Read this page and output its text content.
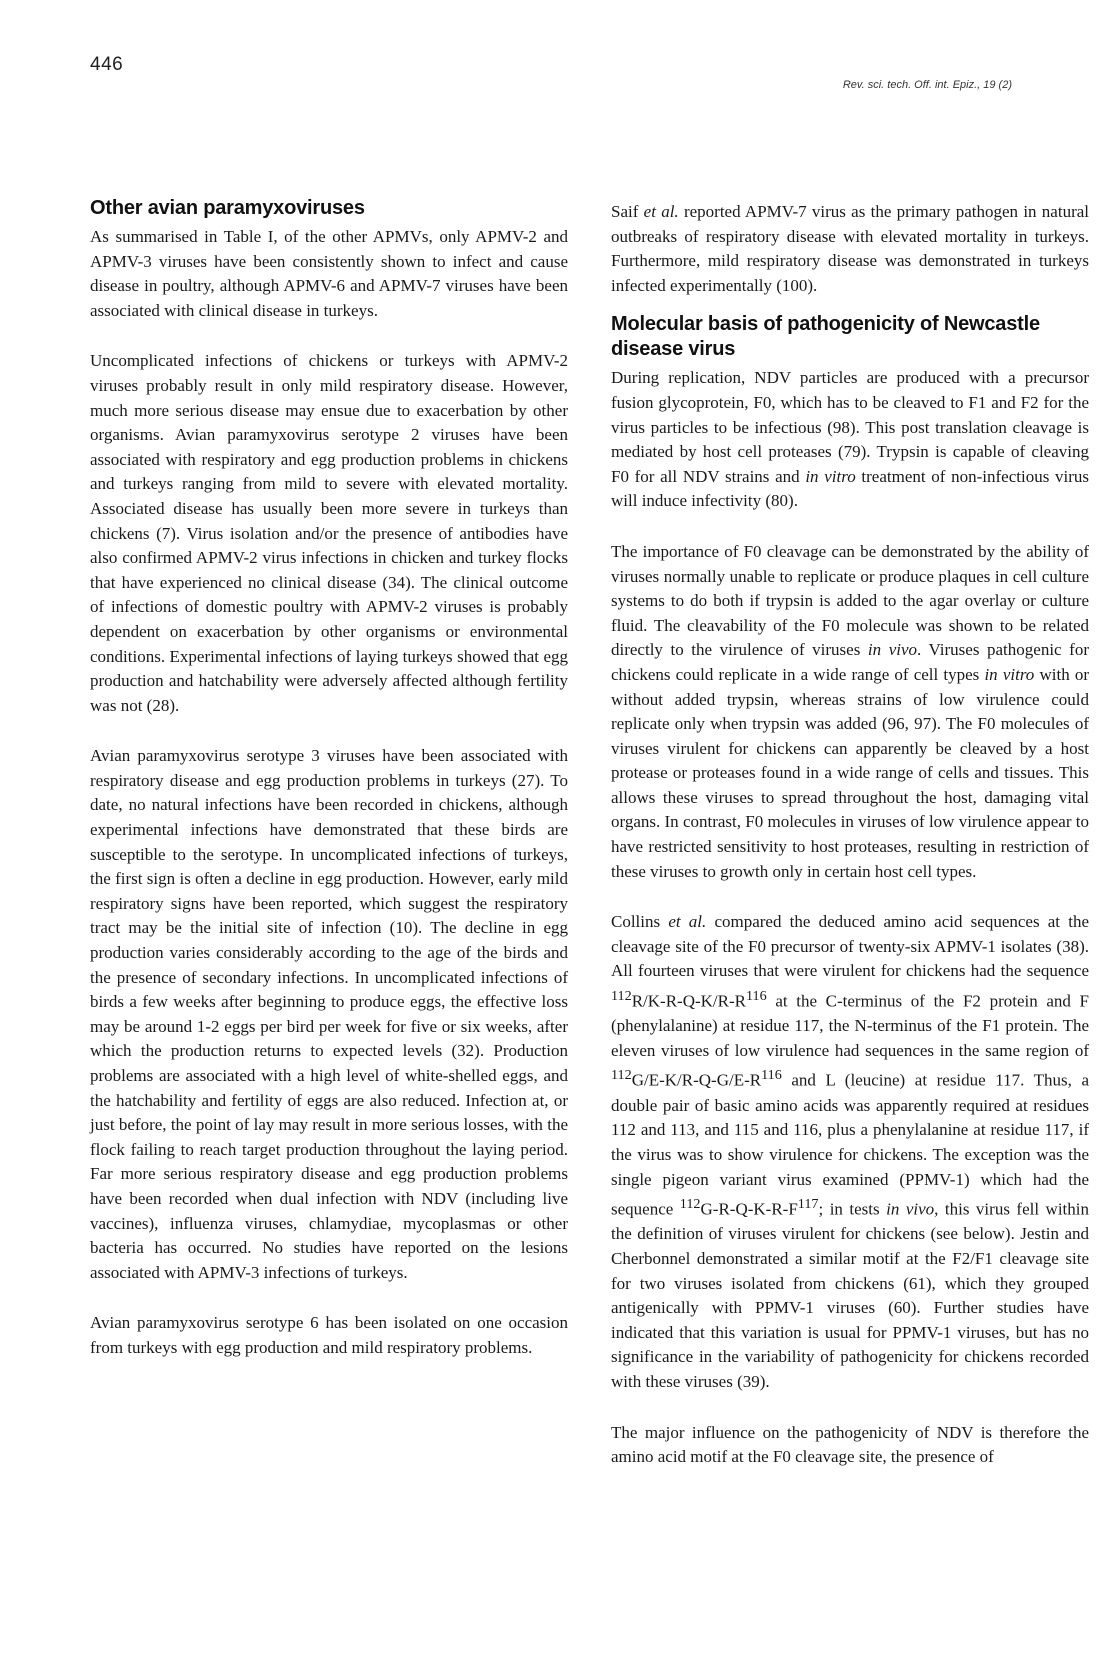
446
Rev. sci. tech. Off. int. Epiz., 19 (2)
Other avian paramyxoviruses

As summarised in Table I, of the other APMVs, only APMV-2 and APMV-3 viruses have been consistently shown to infect and cause disease in poultry, although APMV-6 and APMV-7 viruses have been associated with clinical disease in turkeys.

Uncomplicated infections of chickens or turkeys with APMV-2 viruses probably result in only mild respiratory disease. However, much more serious disease may ensue due to exacerbation by other organisms. Avian paramyxovirus serotype 2 viruses have been associated with respiratory and egg production problems in chickens and turkeys ranging from mild to severe with elevated mortality. Associated disease has usually been more severe in turkeys than chickens (7). Virus isolation and/or the presence of antibodies have also confirmed APMV-2 virus infections in chicken and turkey flocks that have experienced no clinical disease (34). The clinical outcome of infections of domestic poultry with APMV-2 viruses is probably dependent on exacerbation by other organisms or environmental conditions. Experimental infections of laying turkeys showed that egg production and hatchability were adversely affected although fertility was not (28).

Avian paramyxovirus serotype 3 viruses have been associated with respiratory disease and egg production problems in turkeys (27). To date, no natural infections have been recorded in chickens, although experimental infections have demonstrated that these birds are susceptible to the serotype. In uncomplicated infections of turkeys, the first sign is often a decline in egg production. However, early mild respiratory signs have been reported, which suggest the respiratory tract may be the initial site of infection (10). The decline in egg production varies considerably according to the age of the birds and the presence of secondary infections. In uncomplicated infections of birds a few weeks after beginning to produce eggs, the effective loss may be around 1-2 eggs per bird per week for five or six weeks, after which the production returns to expected levels (32). Production problems are associated with a high level of white-shelled eggs, and the hatchability and fertility of eggs are also reduced. Infection at, or just before, the point of lay may result in more serious losses, with the flock failing to reach target production throughout the laying period. Far more serious respiratory disease and egg production problems have been recorded when dual infection with NDV (including live vaccines), influenza viruses, chlamydiae, mycoplasmas or other bacteria has occurred. No studies have reported on the lesions associated with APMV-3 infections of turkeys.

Avian paramyxovirus serotype 6 has been isolated on one occasion from turkeys with egg production and mild respiratory problems.

Saif et al. reported APMV-7 virus as the primary pathogen in natural outbreaks of respiratory disease with elevated mortality in turkeys. Furthermore, mild respiratory disease was demonstrated in turkeys infected experimentally (100).

Molecular basis of pathogenicity of Newcastle disease virus

During replication, NDV particles are produced with a precursor fusion glycoprotein, F0, which has to be cleaved to F1 and F2 for the virus particles to be infectious (98). This post translation cleavage is mediated by host cell proteases (79). Trypsin is capable of cleaving F0 for all NDV strains and in vitro treatment of non-infectious virus will induce infectivity (80).

The importance of F0 cleavage can be demonstrated by the ability of viruses normally unable to replicate or produce plaques in cell culture systems to do both if trypsin is added to the agar overlay or culture fluid. The cleavability of the F0 molecule was shown to be related directly to the virulence of viruses in vivo. Viruses pathogenic for chickens could replicate in a wide range of cell types in vitro with or without added trypsin, whereas strains of low virulence could replicate only when trypsin was added (96, 97). The F0 molecules of viruses virulent for chickens can apparently be cleaved by a host protease or proteases found in a wide range of cells and tissues. This allows these viruses to spread throughout the host, damaging vital organs. In contrast, F0 molecules in viruses of low virulence appear to have restricted sensitivity to host proteases, resulting in restriction of these viruses to growth only in certain host cell types.

Collins et al. compared the deduced amino acid sequences at the cleavage site of the F0 precursor of twenty-six APMV-1 isolates (38). All fourteen viruses that were virulent for chickens had the sequence $^{112}R/K-R-Q-K/R-R^{116}$ at the C-terminus of the F2 protein and F (phenylalanine) at residue 117, the N-terminus of the F1 protein. The eleven viruses of low virulence had sequences in the same region of $^{112}G/E-K/R-Q-G/E-R^{116}$ and L (leucine) at residue 117. Thus, a double pair of basic amino acids was apparently required at residues 112 and 113, and 115 and 116, plus a phenylalanine at residue 117, if the virus was to show virulence for chickens. The exception was the single pigeon variant virus examined (PPMV-1) which had the sequence $^{112}G-R-Q-K-R-F^{117}$; in tests in vivo, this virus fell within the definition of viruses virulent for chickens (see below). Jestin and Cherbonnel demonstrated a similar motif at the F2/F1 cleavage site for two viruses isolated from chickens (61), which they grouped antigenically with PPMV-1 viruses (60). Further studies have indicated that this variation is usual for PPMV-1 viruses, but has no significance in the variability of pathogenicity for chickens recorded with these viruses (39).

The major influence on the pathogenicity of NDV is therefore the amino acid motif at the F0 cleavage site, the presence of
